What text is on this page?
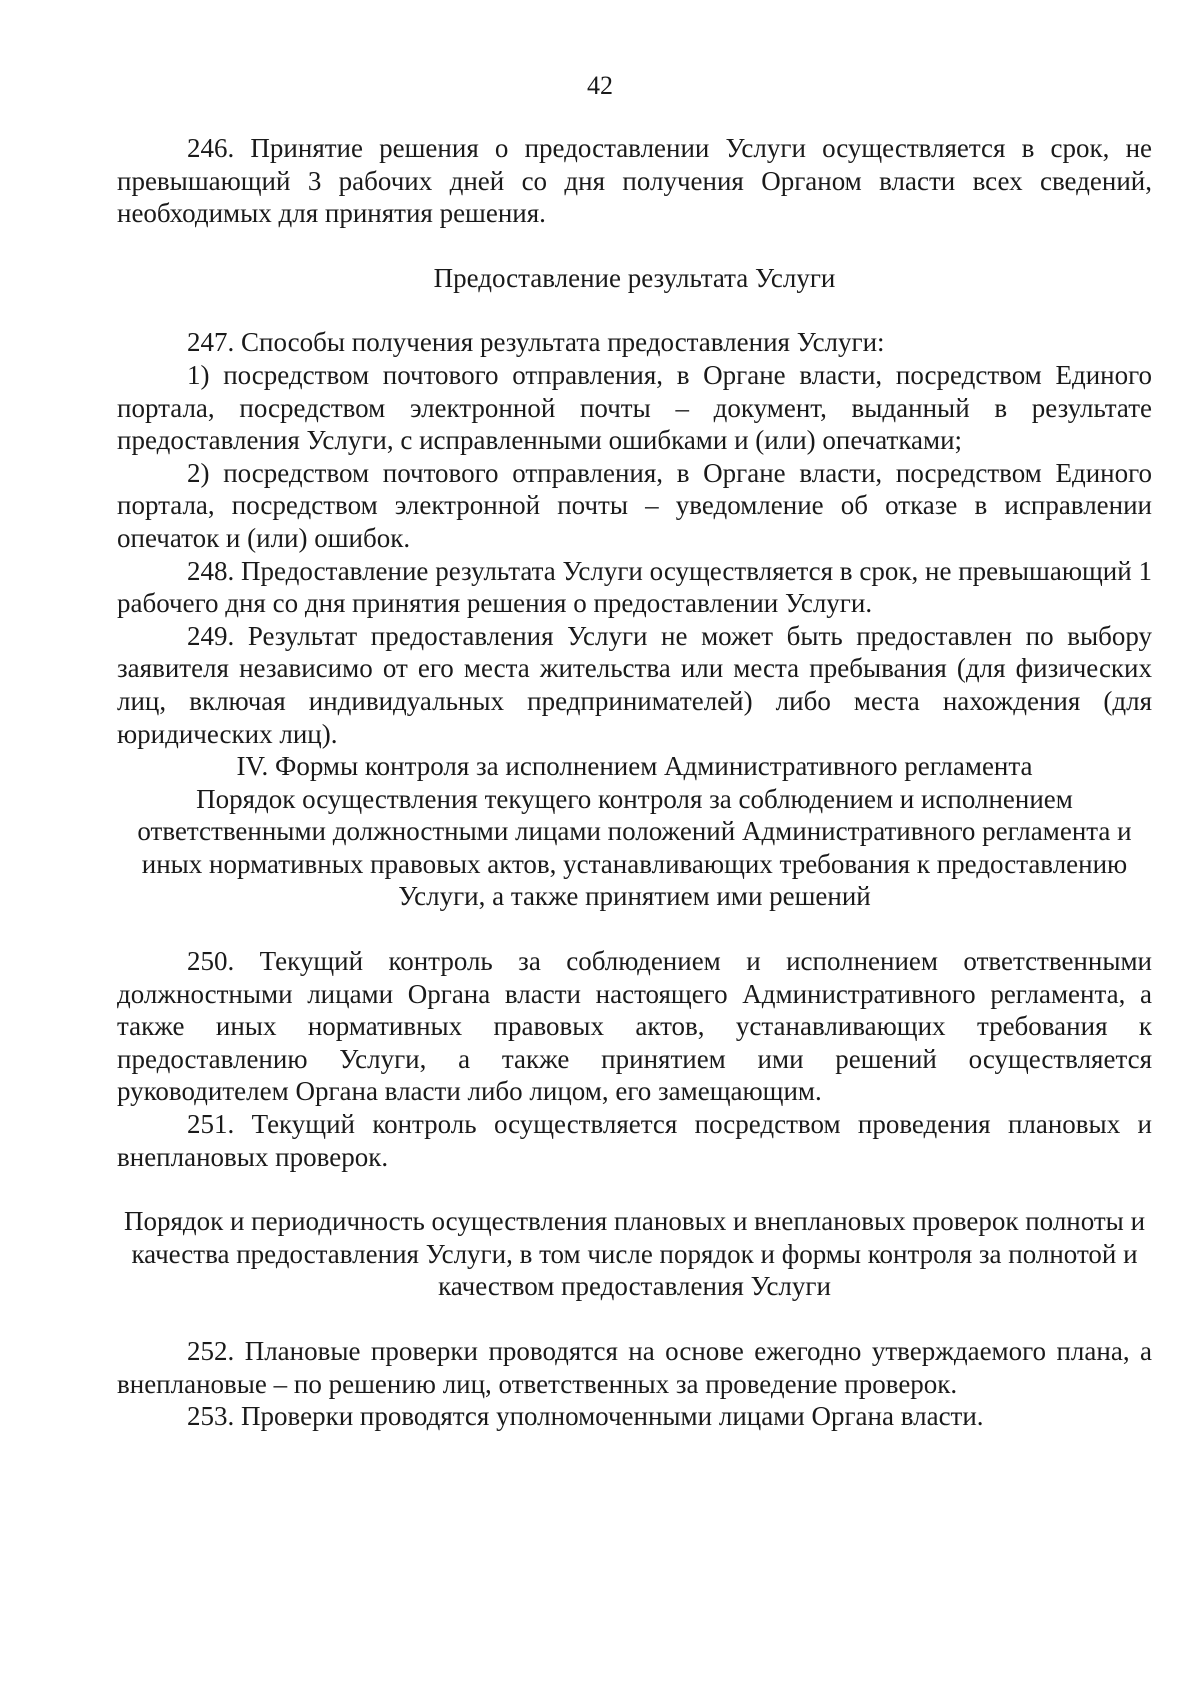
42

246. Принятие решения о предоставлении Услуги осуществляется в срок, не превышающий 3 рабочих дней со дня получения Органом власти всех сведений, необходимых для принятия решения.

Предоставление результата Услуги

247. Способы получения результата предоставления Услуги:

1) посредством почтового отправления, в Органе власти, посредством Единого портала, посредством электронной почты – документ, выданный в результате предоставления Услуги, с исправленными ошибками и (или) опечатками;

2) посредством почтового отправления, в Органе власти, посредством Единого портала, посредством электронной почты – уведомление об отказе в исправлении опечаток и (или) ошибок.

248. Предоставление результата Услуги осуществляется в срок, не превышающий 1 рабочего дня со дня принятия решения о предоставлении Услуги.

249. Результат предоставления Услуги не может быть предоставлен по выбору заявителя независимо от его места жительства или места пребывания (для физических лиц, включая индивидуальных предпринимателей) либо места нахождения (для юридических лиц).

IV. Формы контроля за исполнением Административного регламента

Порядок осуществления текущего контроля за соблюдением и исполнением ответственными должностными лицами положений Административного регламента и иных нормативных правовых актов, устанавливающих требования к предоставлению Услуги, а также принятием ими решений

250. Текущий контроль за соблюдением и исполнением ответственными должностными лицами Органа власти настоящего Административного регламента, а также иных нормативных правовых актов, устанавливающих требования к предоставлению Услуги, а также принятием ими решений осуществляется руководителем Органа власти либо лицом, его замещающим.

251. Текущий контроль осуществляется посредством проведения плановых и внеплановых проверок.

Порядок и периодичность осуществления плановых и внеплановых проверок полноты и качества предоставления Услуги, в том числе порядок и формы контроля за полнотой и качеством предоставления Услуги

252. Плановые проверки проводятся на основе ежегодно утверждаемого плана, а внеплановые – по решению лиц, ответственных за проведение проверок.

253. Проверки проводятся уполномоченными лицами Органа власти.
